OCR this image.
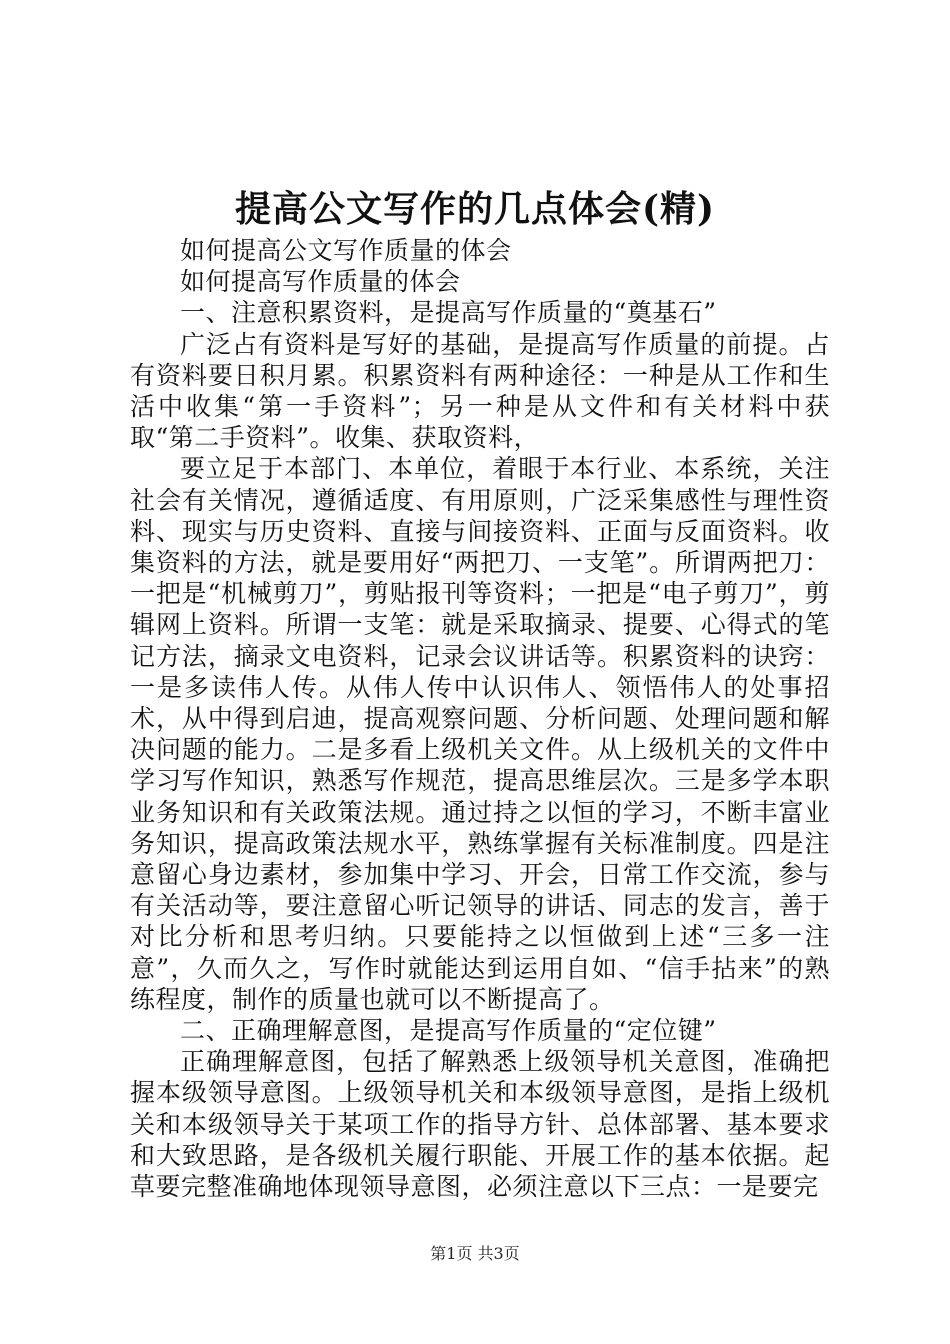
提高公文写作的几点体会(精)

如何提高公文写作质量的体会

如何提高写作质量的体会

一、注意积累资料，是提高写作质量的“奠基石”

广泛占有资料是写好的基础，是提高写作质量的前提。占有资料要日积月累。积累资料有两种途径：一种是从工作和生活中收集“第一手资料”；另一种是从文件和有关材料中获取“第二手资料”。收集、获取资料，

要立足于本部门、本单位，着眼于本行业、本系统，关注社会有关情况，遵循适度、有用原则，广泛采集感性与理性资料、现实与历史资料、直接与间接资料、正面与反面资料。收集资料的方法，就是要用好“两把刀、一支笔”。所谓两把刀：一把是“机械剪刀”，剪贴报刊等资料；一把是“电子剪刀”，剪辑网上资料。所谓一支笔：就是采取摘录、提要、心得式的笔记方法，摘录文电资料，记录会议讲话等。积累资料的诀窍：一是多读伟人传。从伟人传中认识伟人、领悟伟人的处事招术，从中得到启迪，提高观察问题、分析问题、处理问题和解决问题的能力。二是多看上级机关文件。从上级机关的文件中学习写作知识，熟悉写作规范，提高思维层次。三是多学本职业务知识和有关政策法规。通过持之以恒的学习，不断丰富业务知识，提高政策法规水平，熟练掌握有关标准制度。四是注意留心身边素材，参加集中学习、开会，日常工作交流，参与有关活动等，要注意留心听记领导的讲话、同志的发言，善于对比分析和思考归纳。只要能持之以恒做到上述“三多一注意”，久而久之，写作时就能达到运用自如、“信手拈来”的熟练程度，制作的质量也就可以不断提高了。

二、正确理解意图，是提高写作质量的“定位键”

正确理解意图，包括了解熟悉上级领导机关意图，准确把握本级领导意图。上级领导机关和本级领导意图，是指上级机关和本级领导关于某项工作的指导方针、总体部署、基本要求和大致思路，是各级机关履行职能、开展工作的基本依据。起草要完整准确地体现领导意图，必须注意以下三点：一是要完

第1页 共3页
